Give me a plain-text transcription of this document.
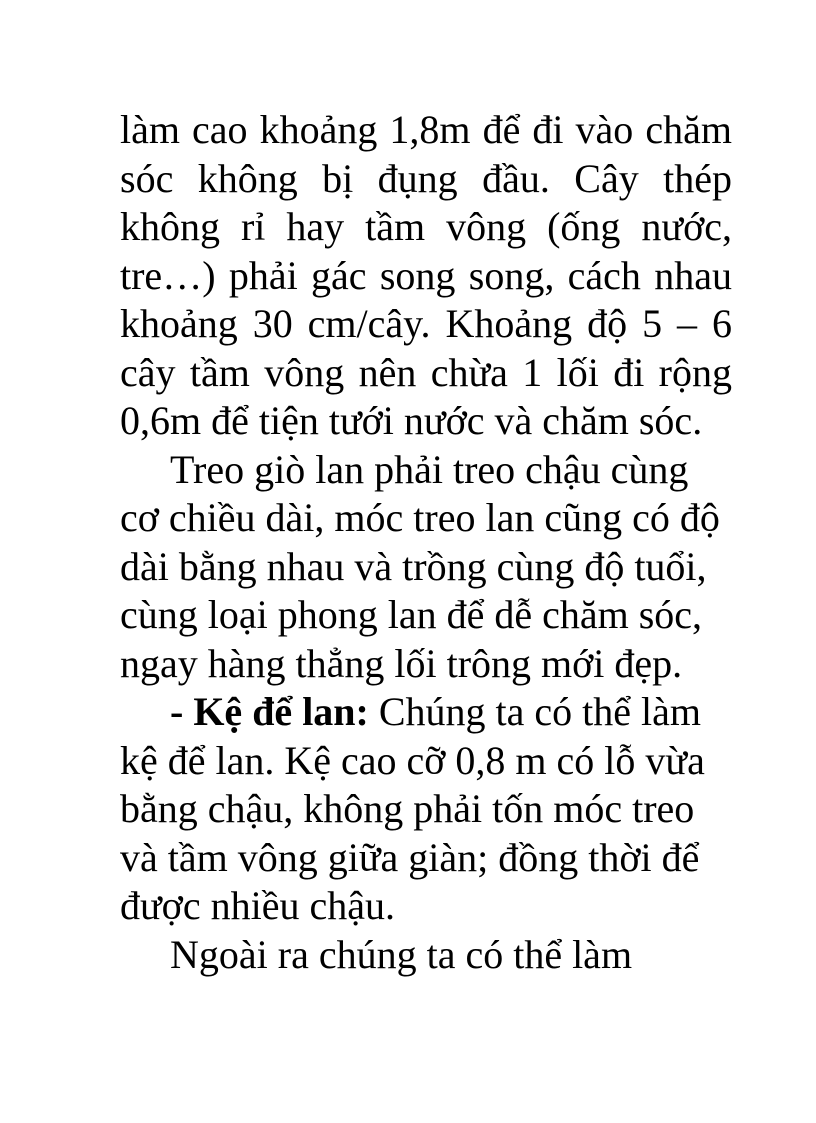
làm cao khoảng 1,8m để đi vào chăm
sóc không bị đụng đầu. Cây thép
không rỉ hay tầm vông (ống nước,
tre…) phải gác song song, cách nhau
khoảng 30 cm/cây. Khoảng độ 5 – 6
cây tầm vông nên chừa 1 lối đi rộng
0,6m để tiện tưới nước và chăm sóc.
Treo giò lan phải treo chậu cùng
cơ chiều dài, móc treo lan cũng có độ
dài bằng nhau và trồng cùng độ tuổi,
cùng loại phong lan để dễ chăm sóc,
ngay hàng thẳng lối trông mới đẹp.
- Kệ để lan: Chúng ta có thể làm
kệ để lan. Kệ cao cỡ 0,8 m có lỗ vừa
bằng chậu, không phải tốn móc treo
và tầm vông giữa giàn; đồng thời để
được nhiều chậu.
Ngoài ra chúng ta có thể làm
